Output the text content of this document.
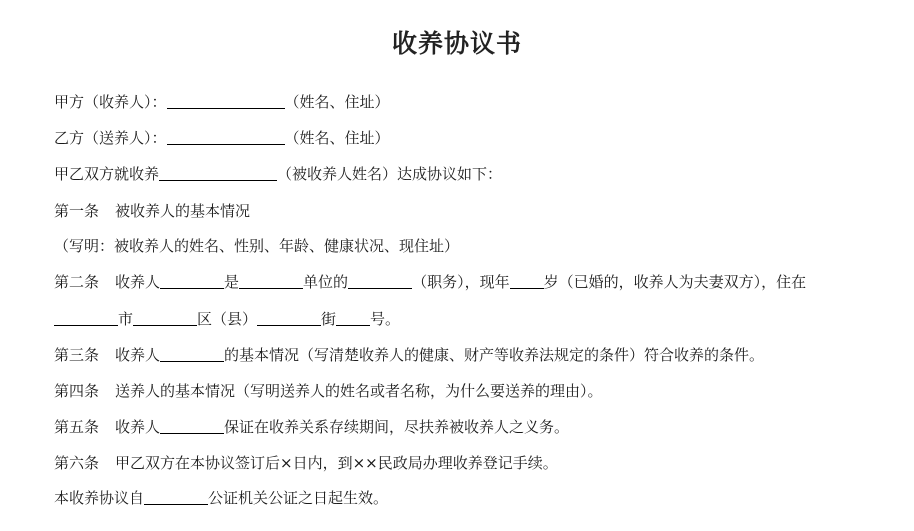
收养协议书
甲方（收养人）：	（姓名、住址）
乙方（送养人）：	（姓名、住址）
甲乙双方就收养	（被收养人姓名）达成协议如下：
第一条 被收养人的基本情况
（写明：被收养人的姓名、性别、年龄、健康状况、现住址）
第二条 收养人	是	单位的	（职务），现年 岁（已婚的，收养人为夫妻双方），住在
市	区（县）	街 号。
第三条 收养人	的基本情况（写清楚收养人的健康、财产等收养法规定的条件）符合收养的条件。
第四条 送养人的基本情况（写明送养人的姓名或者名称，为什么要送养的理由）。
第五条 收养人	保证在收养关系存续期间，尽扶养被收养人之义务。
第六条 甲乙双方在本协议签订后×日内，到××民政局办理收养登记手续。
本收养协议自	公证机关公证之日起生效。
